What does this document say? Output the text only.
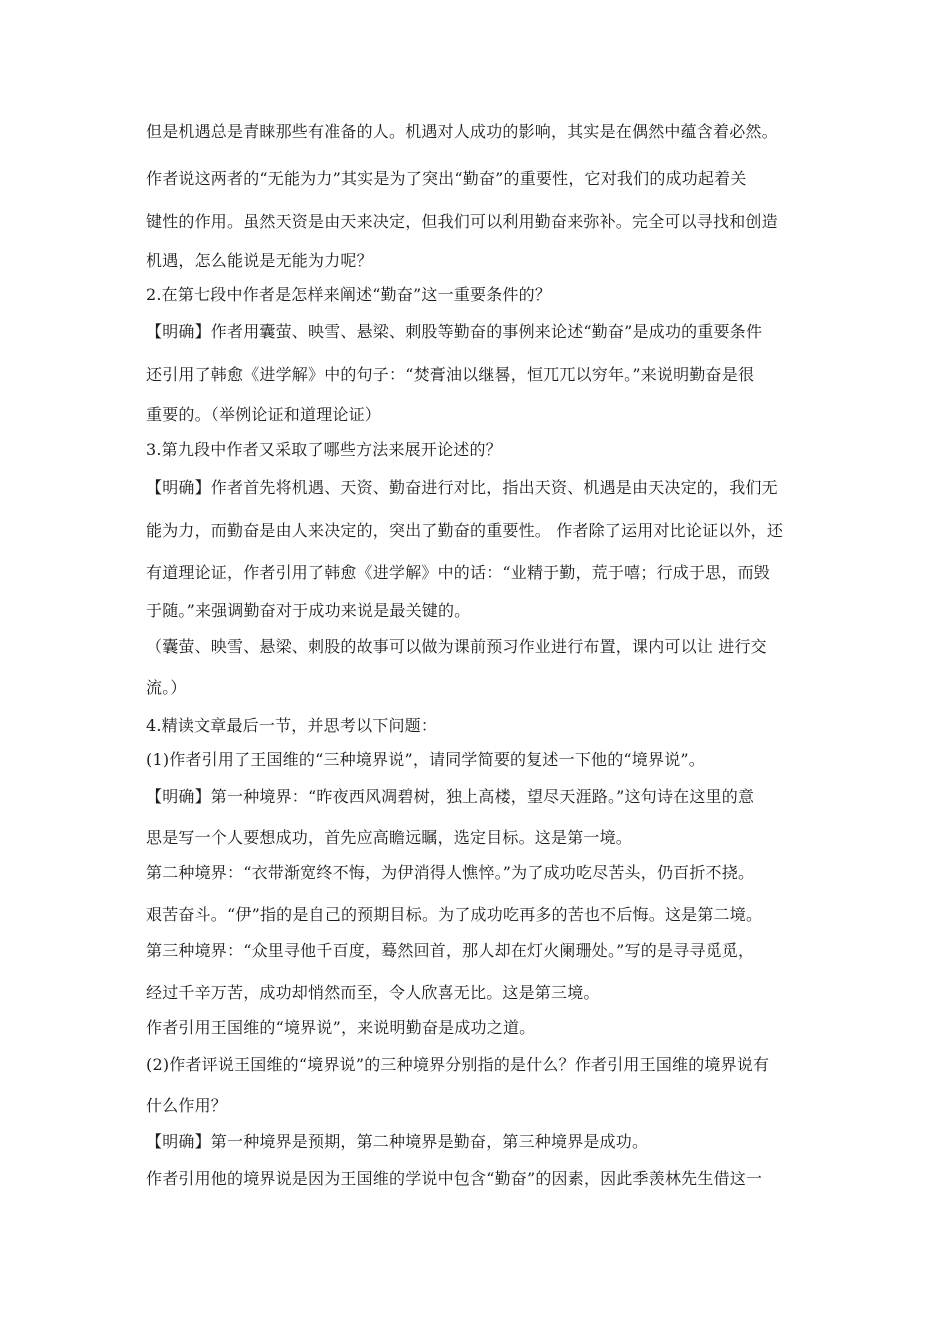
但是机遇总是青睐那些有准备的人。机遇对人成功的影响，其实是在偶然中蕴含着必然。
作者说这两者的“无能为力”其实是为了突出“勤奋”的重要性，它对我们的成功起着关
键性的作用。虽然天资是由天来决定，但我们可以利用勤奋来弥补。完全可以寻找和创造
机遇，怎么能说是无能为力呢？
2.在第七段中作者是怎样来阐述“勤奋”这一重要条件的？
【明确】作者用囊萤、映雪、悬梁、刺股等勤奋的事例来论述“勤奋”是成功的重要条件
还引用了韩愈《进学解》中的句子：“焚膏油以继晷，恒兀兀以穷年。”来说明勤奋是很
重要的。（举例论证和道理论证）
3.第九段中作者又采取了哪些方法来展开论述的？
【明确】作者首先将机遇、天资、勤奋进行对比，指出天资、机遇是由天决定的，我们无
能为力，而勤奋是由人来决定的，突出了勤奋的重要性。 作者除了运用对比论证以外，还
有道理论证，作者引用了韩愈《进学解》中的话：“业精于勤，荒于嘻；行成于思，而毁
于随。”来强调勤奋对于成功来说是最关键的。
（囊萤、映雪、悬梁、刺股的故事可以做为课前预习作业进行布置，课内可以让 进行交
流。）
4.精读文章最后一节，并思考以下问题：
(1)作者引用了王国维的“三种境界说”，请同学简要的复述一下他的“境界说”。
【明确】第一种境界：“昨夜西风凋碧树，独上高楼，望尽天涯路。”这句诗在这里的意
思是写一个人要想成功，首先应高瞻远瞩，选定目标。这是第一境。
第二种境界：“衣带渐宽终不悔，为伊消得人憔悴。”为了成功吃尽苦头，仍百折不挠。
艰苦奋斗。“伊”指的是自己的预期目标。为了成功吃再多的苦也不后悔。这是第二境。
第三种境界：“众里寻他千百度，蓦然回首，那人却在灯火阑珊处。”写的是寻寻觅觅，
经过千辛万苦，成功却悄然而至，令人欣喜无比。这是第三境。
作者引用王国维的“境界说”，来说明勤奋是成功之道。
(2)作者评说王国维的“境界说”的三种境界分别指的是什么？作者引用王国维的境界说有
什么作用？
【明确】第一种境界是预期，第二种境界是勤奋，第三种境界是成功。
作者引用他的境界说是因为王国维的学说中包含“勤奋”的因素，因此季羡林先生借这一
